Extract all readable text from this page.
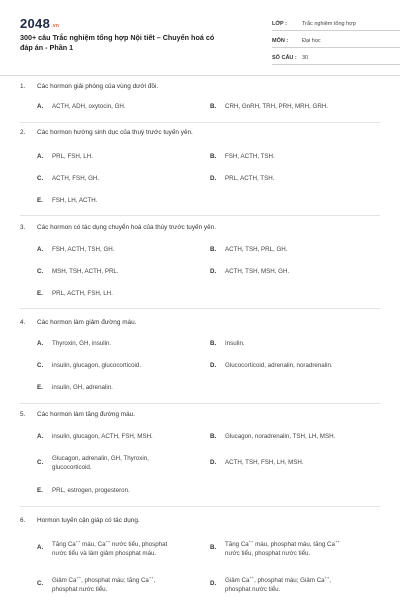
$2048^{.vn}$
300+ câu Trắc nghiệm tổng hợp Nội tiết – Chuyển hoá có đáp án - Phần 1
LỚP :	Trắc nghiệm tổng hợp
MÔN :	Đại học
SỐ CÂU : 30
1.	Các hormon giải phóng của vùng dưới đồi.
A.	ACTH, ADH, oxytocin, GH.	B.	CRH, GnRH, TRH, PRH, MRH, GRH.
2.	Các hormon hướng sinh dục của thuỳ trước tuyến yên.
A.	PRL, FSH, LH.	B.	FSH, ACTH, TSH.
C.	ACTH, FSH, GH.	D.	PRL, ACTH, TSH.
E.	FSH, LH, ACTH.
3.	Các hormon có tác dụng chuyển hoá của thùy trước tuyến yên.
A.	FSH, ACTH, TSH, GH.	B.	ACTH, TSH, PRL, GH.
C.	MSH, TSH, ACTH, PRL.	D.	ACTH, TSH, MSH, GH.
E.	PRL, ACTH, FSH, LH.
4.	Các hormon làm giảm đường máu.
A.	Thyroxin, GH, insulin.	B.	Insulin.
C.	insulin, glucagon, glucocorticoid.	D.	Glucocorticoid, adrenalin, noradrenalin.
E.	insulin, GH, adrenalin.
5.	Các hormon làm tăng đường máu.
A.	insulin, glucagon, ACTH, FSH, MSH.	B.	Glucagon, noradrenalin, TSH, LH, MSH.
C.
Glucagon, adrenalin, GH, Thyroxin,
glucocorticoid.
D.	ACTH, TSH, FSH, LH, MSH.
E.	PRL, estrogen, progesteron.
6.	Hormon tuyến cận giáp có tác dụng.
A.	Tăng Ca++ máu, Ca++ nước tiểu, phosphat
nước tiểu và làm giảm phosphat máu.
B.	Tăng Ca++ máu, phosphat máu, tăng Ca++
nước tiểu, phosphat nước tiểu.
C.	Giảm Ca++, phosphat máu; tăng Ca++,
phosphat nước tiểu.
D.	Giảm Ca++, phosphat máu; Giảm Ca++,
phosphat nước tiểu.
